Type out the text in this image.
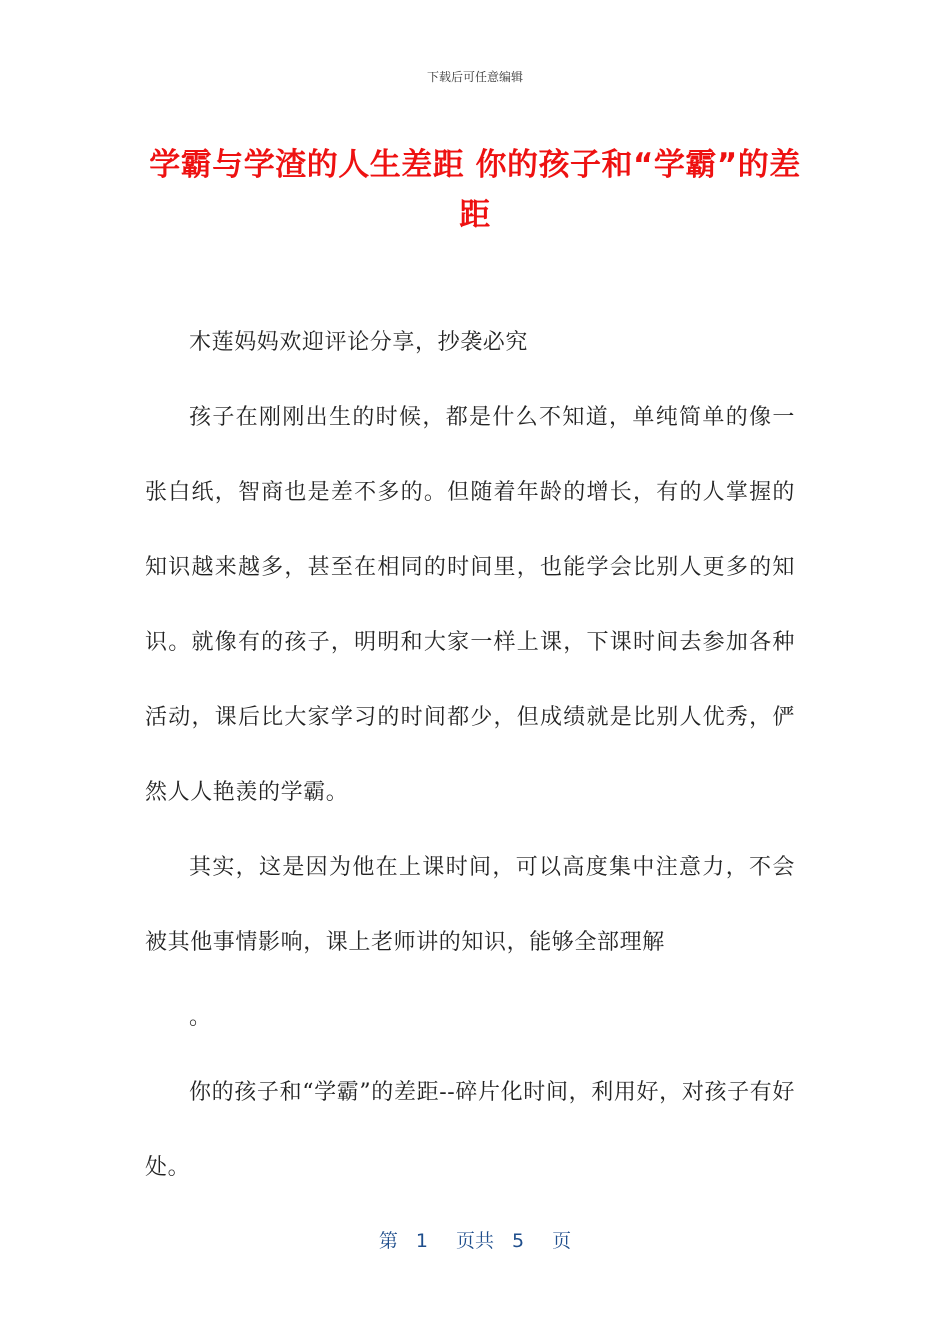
下载后可任意编辑
学霸与学渣的人生差距 你的孩子和“学霸”的差距

木莲妈妈欢迎评论分享，抄袭必究

孩子在刚刚出生的时候，都是什么不知道，单纯简单的像一张白纸，智商也是差不多的。但随着年龄的增长，有的人掌握的知识越来越多，甚至在相同的时间里，也能学会比别人更多的知识。就像有的孩子，明明和大家一样上课，下课时间去参加各种活动，课后比大家学习的时间都少，但成绩就是比别人优秀，俨然人人艳羡的学霸。

其实，这是因为他在上课时间，可以高度集中注意力，不会被其他事情影响，课上老师讲的知识，能够全部理解

。

你的孩子和“学霸”的差距--碎片化时间，利用好，对孩子有好处。

第 1 页共 5 页
